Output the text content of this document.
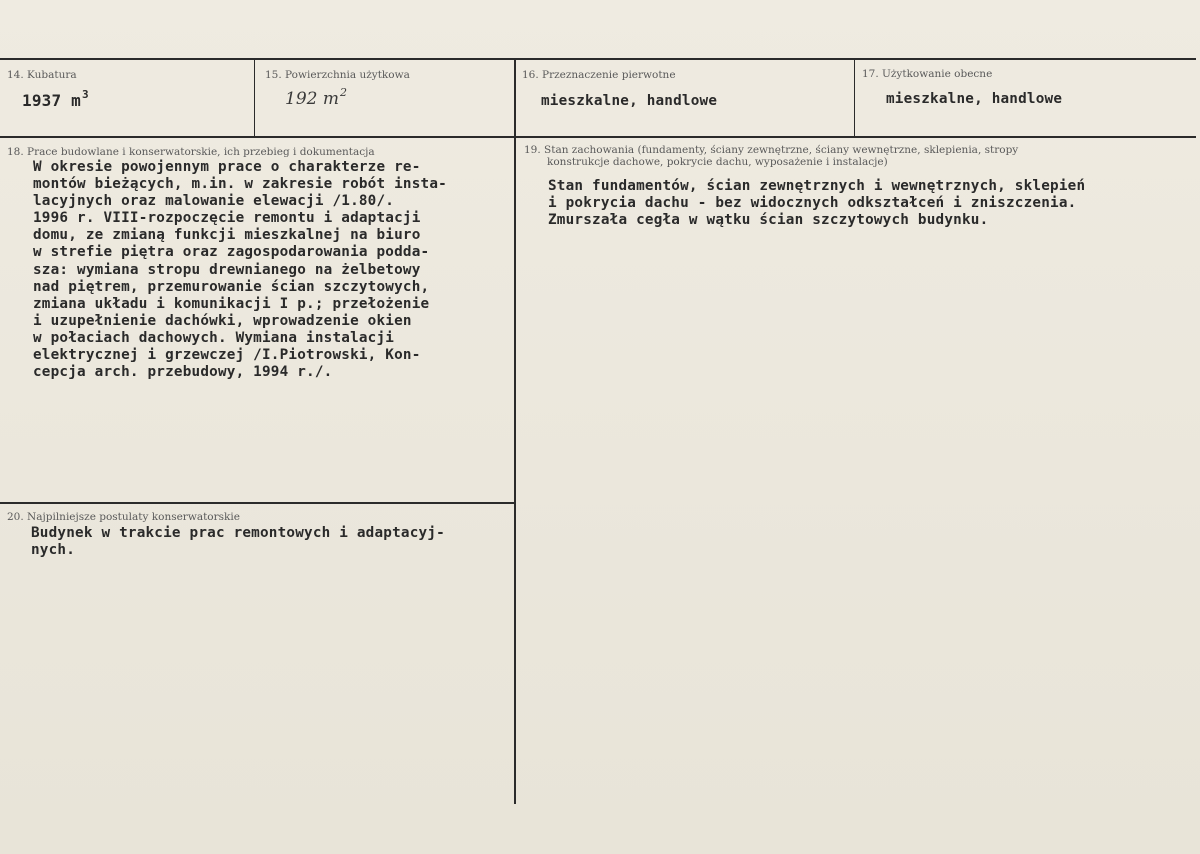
14. Kubatura
1937 $m^3$
15. Powierzchnia użytkowa
192 $m^2$
16. Przeznaczenie pierwotne
mieszkalne, handlowe
17. Użytkowanie obecne
mieszkalne, handlowe
18. Prace budowlane i konserwatorskie, ich przebieg i dokumentacja
W okresie powojennym prace o charakterze re-
montów bieżących, m.in. w zakresie robót insta-
lacyjnych oraz malowanie elewacji /1.80/.
1996 r. VIII-rozpoczęcie remontu i adaptacji
domu, ze zmianą funkcji mieszkalnej na biuro
w strefie piętra oraz zagospodarowania podda-
sza: wymiana stropu drewnianego na żelbetowy
nad piętrem, przemurowanie ścian szczytowych,
zmiana układu i komunikacji I p.; przełożenie
i uzupełnienie dachówki, wprowadzenie okien
w połaciach dachowych. Wymiana instalacji
elektrycznej i grzewczej /I.Piotrowski, Kon-
cepcja arch. przebudowy, 1994 r./.
19. Stan zachowania (fundamenty, ściany zewnętrzne, ściany wewnętrzne, sklepienia, stropy
konstrukcje dachowe, pokrycie dachu, wyposażenie i instalacje)
Stan fundamentów, ścian zewnętrznych i wewnętrznych, sklepień
i pokrycia dachu - bez widocznych odkształceń i zniszczenia.
Zmurszała cegła w wątku ścian szczytowych budynku.
20. Najpilniejsze postulaty konserwatorskie
Budynek w trakcie prac remontowych i adaptacyj-
nych.
